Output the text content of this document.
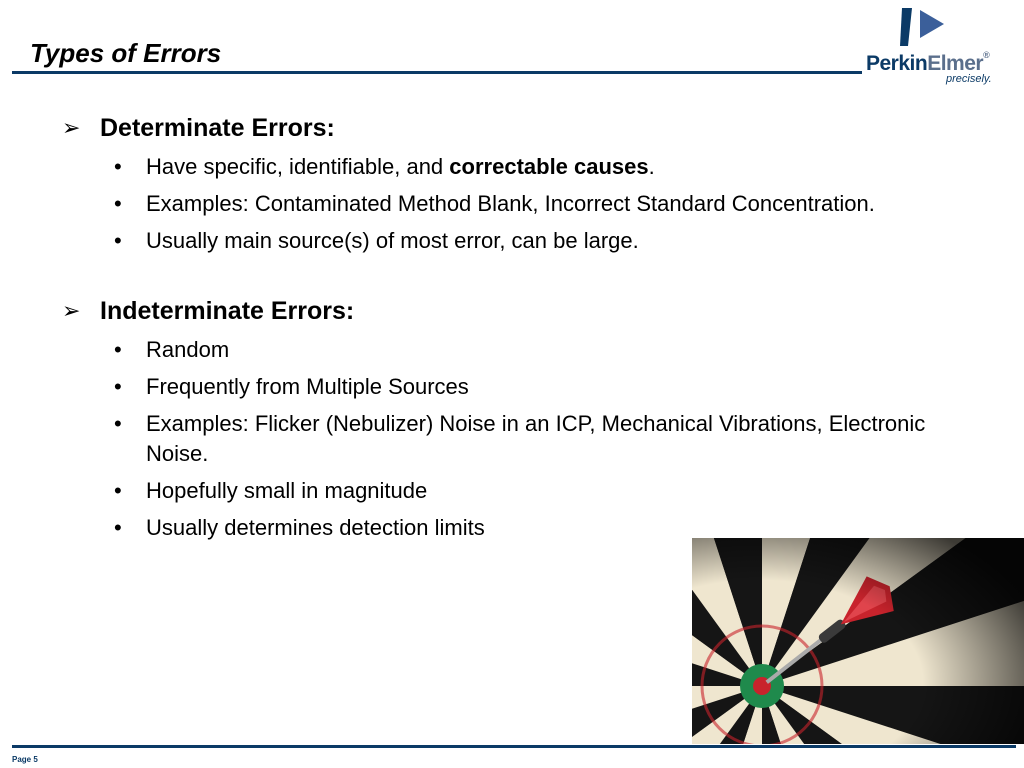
Types of Errors	PerkinElmer®
precisely.
➢ Determinate Errors:
• Have specific, identifiable, and correctable causes.
• Examples: Contaminated Method Blank, Incorrect Standard Concentration.
• Usually main source(s) of most error, can be large.
➢ Indeterminate Errors:
• Random
• Frequently from Multiple Sources
• Examples: Flicker (Nebulizer) Noise in an ICP, Mechanical Vibrations, Electronic Noise.
• Hopefully small in magnitude
• Usually determines detection limits
Page 5
